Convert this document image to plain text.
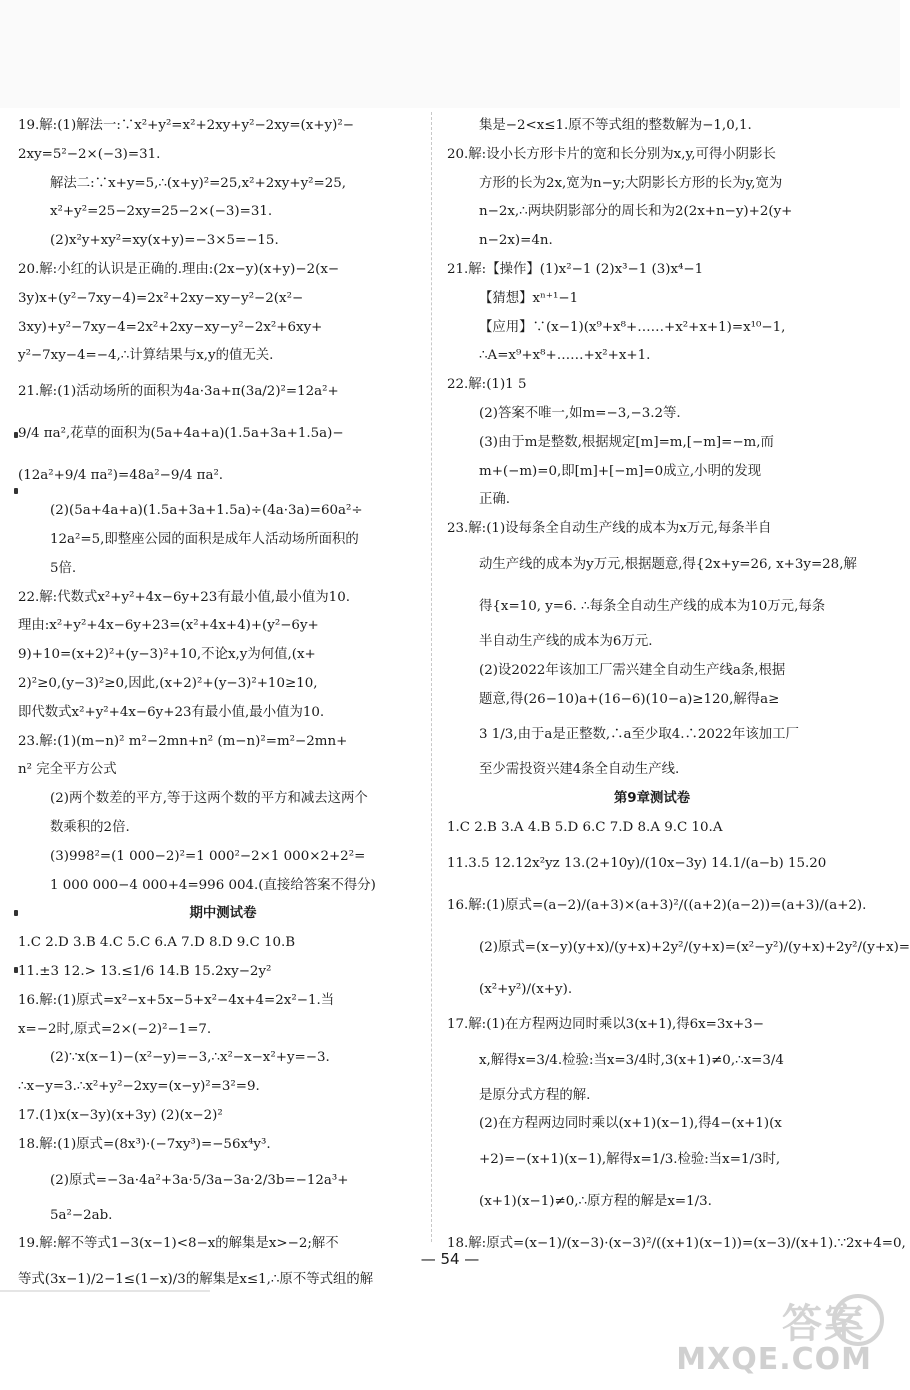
19.解:(1)解法一:∵x²+y²=x²+2xy+y²−2xy=(x+y)²−
2xy=5²−2×(−3)=31.
解法二:∵x+y=5,∴(x+y)²=25,x²+2xy+y²=25,
x²+y²=25−2xy=25−2×(−3)=31.
(2)x²y+xy²=xy(x+y)=−3×5=−15.
20.解:小红的认识是正确的.理由:(2x−y)(x+y)−2(x−
3y)x+(y²−7xy−4)=2x²+2xy−xy−y²−2(x²−
3xy)+y²−7xy−4=2x²+2xy−xy−y²−2x²+6xy+
y²−7xy−4=−4,∴计算结果与x,y的值无关.
21.解:(1)活动场所的面积为4a·3a+π(3a/2)²=12a²+
9/4 πa²,花草的面积为(5a+4a+a)(1.5a+3a+1.5a)−
(12a²+9/4 πa²)=48a²−9/4 πa².
(2)(5a+4a+a)(1.5a+3a+1.5a)÷(4a·3a)=60a²÷
12a²=5,即整座公园的面积是成年人活动场所面积的
5倍.
22.解:代数式x²+y²+4x−6y+23有最小值,最小值为10.
理由:x²+y²+4x−6y+23=(x²+4x+4)+(y²−6y+
9)+10=(x+2)²+(y−3)²+10,不论x,y为何值,(x+
2)²≥0,(y−3)²≥0,因此,(x+2)²+(y−3)²+10≥10,
即代数式x²+y²+4x−6y+23有最小值,最小值为10.
23.解:(1)(m−n)² m²−2mn+n² (m−n)²=m²−2mn+
n² 完全平方公式
(2)两个数差的平方,等于这两个数的平方和减去这两个
数乘积的2倍.
(3)998²=(1 000−2)²=1 000²−2×1 000×2+2²=
1 000 000−4 000+4=996 004.(直接给答案不得分)
期中测试卷
1.C 2.D 3.B 4.C 5.C 6.A 7.D 8.D 9.C 10.B
11.±3 12.> 13.≤1/6 14.B 15.2xy−2y²
16.解:(1)原式=x²−x+5x−5+x²−4x+4=2x²−1.当
x=−2时,原式=2×(−2)²−1=7.
(2)∵x(x−1)−(x²−y)=−3,∴x²−x−x²+y=−3.
∴x−y=3.∴x²+y²−2xy=(x−y)²=3²=9.
17.(1)x(x−3y)(x+3y) (2)(x−2)²
18.解:(1)原式=(8x³)·(−7xy³)=−56x⁴y³.
(2)原式=−3a·4a²+3a·5/3a−3a·2/3b=−12a³+
5a²−2ab.
19.解:解不等式1−3(x−1)<8−x的解集是x>−2;解不
等式(3x−1)/2−1≤(1−x)/3的解集是x≤1,∴原不等式组的解
集是−2<x≤1.原不等式组的整数解为−1,0,1.
20.解:设小长方形卡片的宽和长分别为x,y,可得小阴影长
方形的长为2x,宽为n−y;大阴影长方形的长为y,宽为
n−2x,∴两块阴影部分的周长和为2(2x+n−y)+2(y+
n−2x)=4n.
21.解:【操作】(1)x²−1 (2)x³−1 (3)x⁴−1
【猜想】xⁿ⁺¹−1
【应用】∵(x−1)(x⁹+x⁸+……+x²+x+1)=x¹⁰−1,
∴A=x⁹+x⁸+……+x²+x+1.
22.解:(1)1 5
(2)答案不唯一,如m=−3,−3.2等.
(3)由于m是整数,根据规定[m]=m,[−m]=−m,而
m+(−m)=0,即[m]+[−m]=0成立,小明的发现
正确.
23.解:(1)设每条全自动生产线的成本为x万元,每条半自
动生产线的成本为y万元,根据题意,得{2x+y=26, x+3y=28,解
得{x=10, y=6. ∴每条全自动生产线的成本为10万元,每条
半自动生产线的成本为6万元.
(2)设2022年该加工厂需兴建全自动生产线a条,根据
题意,得(26−10)a+(16−6)(10−a)≥120,解得a≥
3 1/3,由于a是正整数,∴a至少取4.∴2022年该加工厂
至少需投资兴建4条全自动生产线.
第9章测试卷
1.C 2.B 3.A 4.B 5.D 6.C 7.D 8.A 9.C 10.A
11.3.5 12.12x²yz 13.(2+10y)/(10x−3y) 14.1/(a−b) 15.20
16.解:(1)原式=(a−2)/(a+3)×(a+3)²/((a+2)(a−2))=(a+3)/(a+2).
(2)原式=(x−y)(y+x)/(y+x)+2y²/(y+x)=(x²−y²)/(y+x)+2y²/(y+x)=
(x²+y²)/(x+y).
17.解:(1)在方程两边同时乘以3(x+1),得6x=3x+3−
x,解得x=3/4.检验:当x=3/4时,3(x+1)≠0,∴x=3/4
是原分式方程的解.
(2)在方程两边同时乘以(x+1)(x−1),得4−(x+1)(x
+2)=−(x+1)(x−1),解得x=1/3.检验:当x=1/3时,
(x+1)(x−1)≠0,∴原方程的解是x=1/3.
18.解:原式=(x−1)/(x−3)·(x−3)²/((x+1)(x−1))=(x−3)/(x+1).∵2x+4=0,
— 54 —
答案
MXQE.COM
